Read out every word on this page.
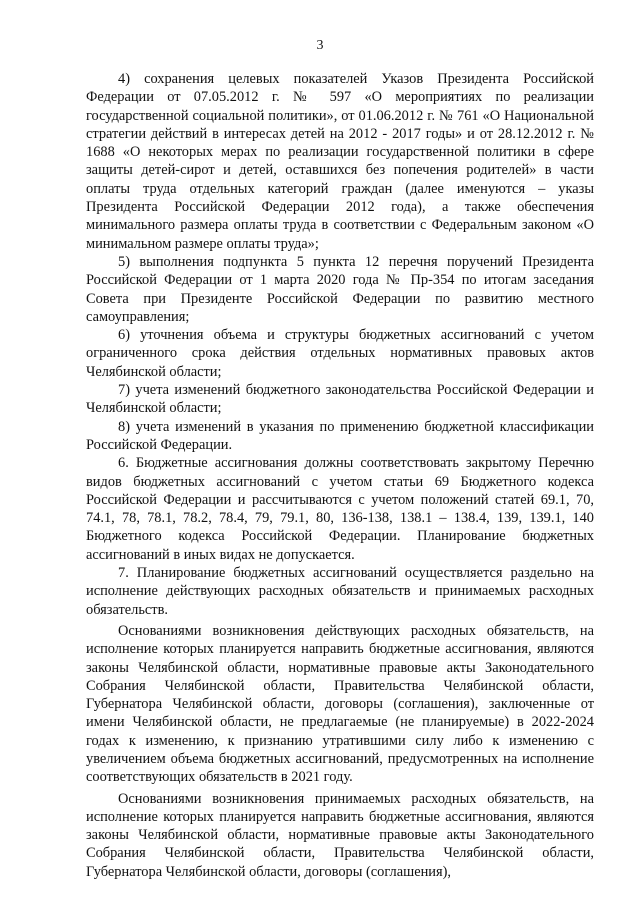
3

4) сохранения целевых показателей Указов Президента Российской Федерации от 07.05.2012 г. № 597 «О мероприятиях по реализации государственной социальной политики», от 01.06.2012 г. № 761 «О Национальной стратегии действий в интересах детей на 2012 - 2017 годы» и от 28.12.2012 г. № 1688 «О некоторых мерах по реализации государственной политики в сфере защиты детей-сирот и детей, оставшихся без попечения родителей» в части оплаты труда отдельных категорий граждан (далее именуются – указы Президента Российской Федерации 2012 года), а также обеспечения минимального размера оплаты труда в соответствии с Федеральным законом «О минимальном размере оплаты труда»;

5) выполнения подпункта 5 пункта 12 перечня поручений Президента Российской Федерации от 1 марта 2020 года № Пр-354 по итогам заседания Совета при Президенте Российской Федерации по развитию местного самоуправления;

6) уточнения объема и структуры бюджетных ассигнований с учетом ограниченного срока действия отдельных нормативных правовых актов Челябинской области;

7) учета изменений бюджетного законодательства Российской Федерации и Челябинской области;

8) учета изменений в указания по применению бюджетной классификации Российской Федерации.

6. Бюджетные ассигнования должны соответствовать закрытому Перечню видов бюджетных ассигнований с учетом статьи 69 Бюджетного кодекса Российской Федерации и рассчитываются с учетом положений статей 69.1, 70, 74.1, 78, 78.1, 78.2, 78.4, 79, 79.1, 80, 136-138, 138.1 – 138.4, 139, 139.1, 140 Бюджетного кодекса Российской Федерации. Планирование бюджетных ассигнований в иных видах не допускается.

7. Планирование бюджетных ассигнований осуществляется раздельно на исполнение действующих расходных обязательств и принимаемых расходных обязательств.

Основаниями возникновения действующих расходных обязательств, на исполнение которых планируется направить бюджетные ассигнования, являются законы Челябинской области, нормативные правовые акты Законодательного Собрания Челябинской области, Правительства Челябинской области, Губернатора Челябинской области, договоры (соглашения), заключенные от имени Челябинской области, не предлагаемые (не планируемые) в 2022-2024 годах к изменению, к признанию утратившими силу либо к изменению с увеличением объема бюджетных ассигнований, предусмотренных на исполнение соответствующих обязательств в 2021 году.

Основаниями возникновения принимаемых расходных обязательств, на исполнение которых планируется направить бюджетные ассигнования, являются законы Челябинской области, нормативные правовые акты Законодательного Собрания Челябинской области, Правительства Челябинской области, Губернатора Челябинской области, договоры (соглашения),
